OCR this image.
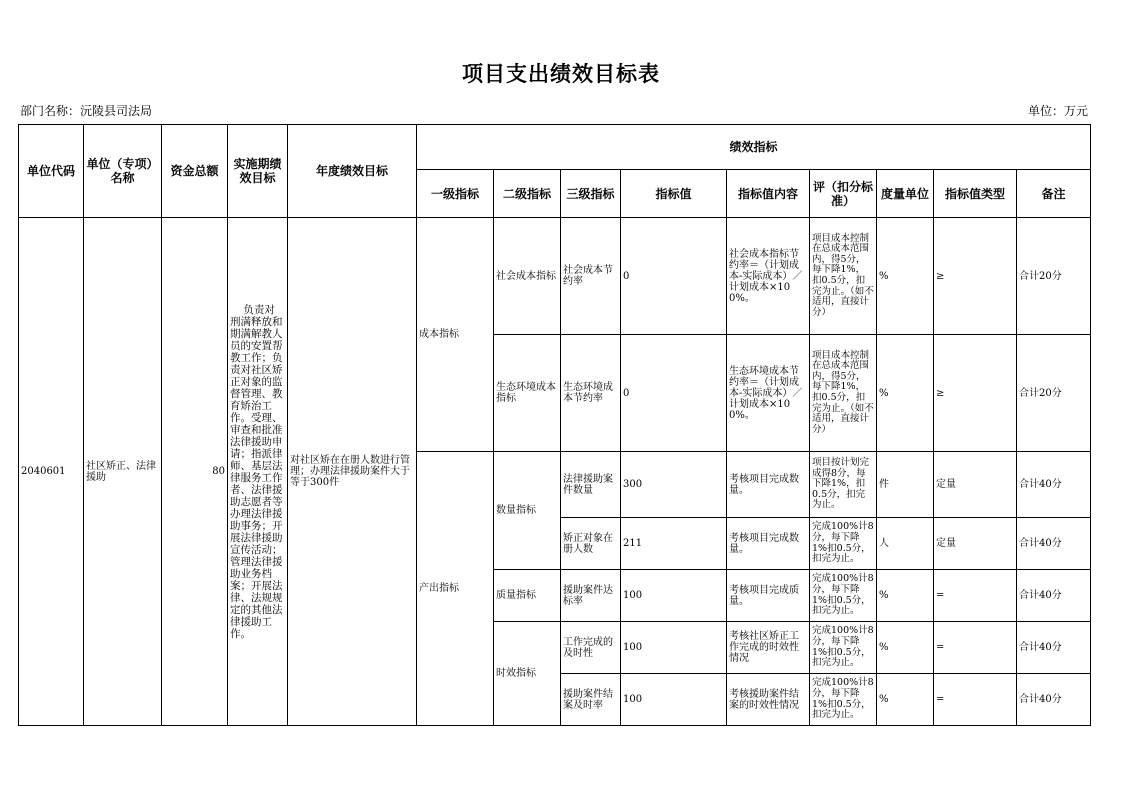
项目支出绩效目标表
部门名称：沅陵县司法局	单位：万元
单位代码	单位（专项）名称	资金总额	实施期绩效目标	年度绩效目标	绩效指标								
					一级指标	二级指标	三级指标	指标值	指标值内容	评（扣分标准）	度量单位	指标值类型	备注
2040601	社区矫正、法律援助	80	负责对刑满释放和期满解教人员的安置帮教工作；负责对社区矫正对象的监督管理、教育矫治工作。受理、审查和批准法律援助申请；指派律师、基层法律服务工作者、法律援助志愿者等办理法律援助事务；开展法律援助宣传活动；管理法律援助业务档案；开展法律、法规规定的其他法律援助工作。	对社区矫在在册人数进行管理；办理法律援助案件大于等于300件	成本指标	社会成本指标	社会成本节约率	0	社会成本指标节约率＝（计划成本-实际成本）／计划成本×100%。	项目成本控制在总成本范围内，得5分，每下降1%，扣0.5分，扣完为止。（如不适用，直接计分）	%	≥	合计20分
						生态环境成本指标	生态环境成本节约率	0	生态环境成本节约率＝（计划成本-实际成本）／计划成本×100%。	项目成本控制在总成本范围内，得5分，每下降1%，扣0.5分，扣完为止。（如不适用，直接计分）	%	≥	合计20分
					产出指标	数量指标	法律援助案件数量	300	考核项目完成数量。	项目按计划完成得8分，每下降1%，扣0.5分，扣完为止。	件	定量	合计40分
							矫正对象在册人数	211	考核项目完成数量。	完成100%计8分，每下降1%扣0.5分，扣完为止。	人	定量	合计40分
						质量指标	援助案件达标率	100	考核项目完成质量。	完成100%计8分，每下降1%扣0.5分，扣完为止。	%	=	合计40分
						时效指标	工作完成的及时性	100	考核社区矫正工作完成的时效性情况	完成100%计8分，每下降1%扣0.5分，扣完为止。	%	=	合计40分
							援助案件结案及时率	100	考核援助案件结案的时效性情况	完成100%计8分，每下降1%扣0.5分，扣完为止。	%	=	合计40分
